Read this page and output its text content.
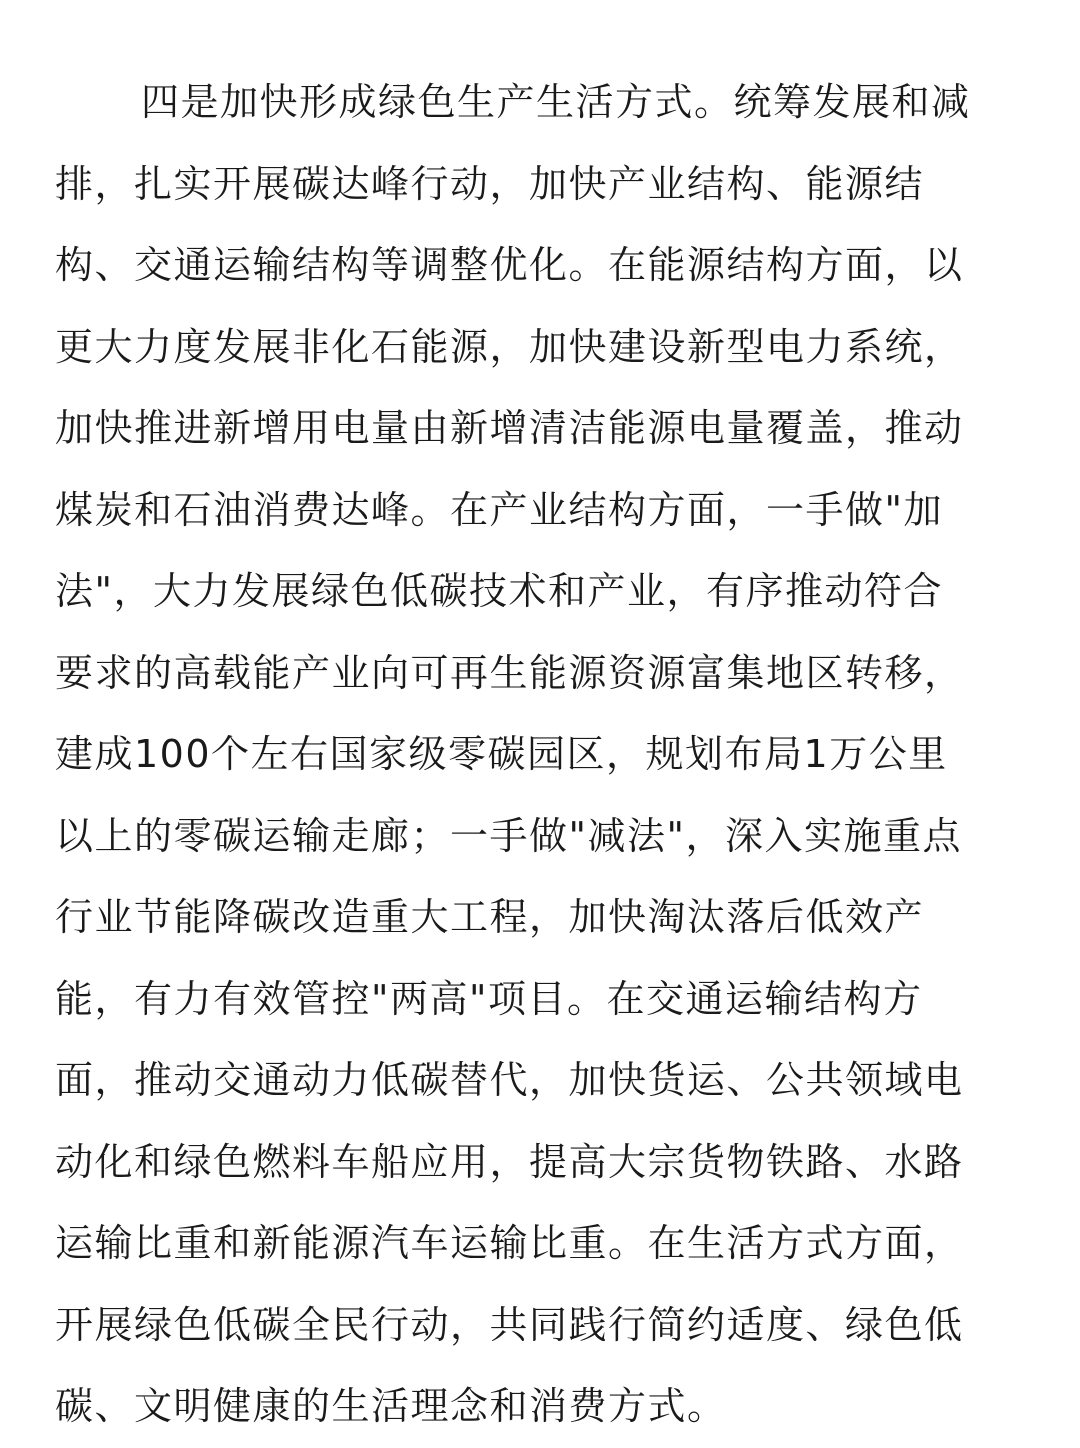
四是加快形成绿色生产生活方式。统筹发展和减
排，扎实开展碳达峰行动，加快产业结构、能源结
构、交通运输结构等调整优化。在能源结构方面，以
更大力度发展非化石能源，加快建设新型电力系统，
加快推进新增用电量由新增清洁能源电量覆盖，推动
煤炭和石油消费达峰。在产业结构方面，一手做"加
法"，大力发展绿色低碳技术和产业，有序推动符合
要求的高载能产业向可再生能源资源富集地区转移，
建成100个左右国家级零碳园区，规划布局1万公里
以上的零碳运输走廊；一手做"减法"，深入实施重点
行业节能降碳改造重大工程，加快淘汰落后低效产
能，有力有效管控"两高"项目。在交通运输结构方
面，推动交通动力低碳替代，加快货运、公共领域电
动化和绿色燃料车船应用，提高大宗货物铁路、水路
运输比重和新能源汽车运输比重。在生活方式方面，
开展绿色低碳全民行动，共同践行简约适度、绿色低
碳、文明健康的生活理念和消费方式。
